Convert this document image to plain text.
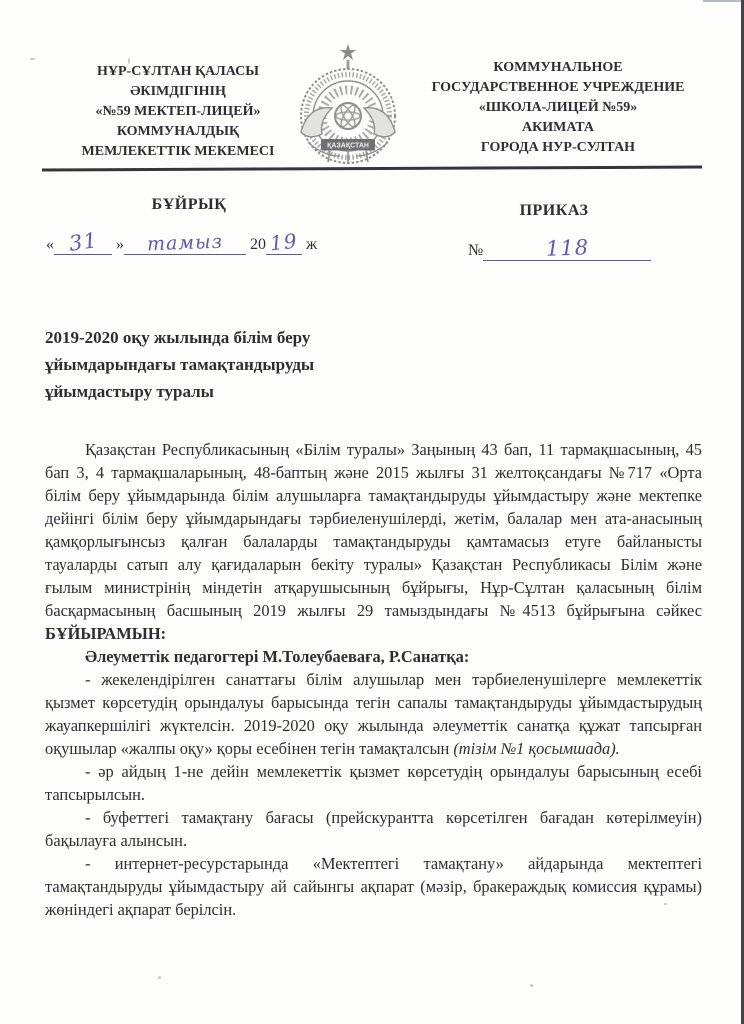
НҰР-СҰЛТАН ҚАЛАСЫ
ӘКІМДІГІНІҢ
«№59 МЕКТЕП-ЛИЦЕЙ»
КОММУНАЛДЫҚ
МЕМЛЕКЕТТІК МЕКЕМЕСІ	ҚАЗАҚСТАН
КОММУНАЛЬНОЕ
ГОСУДАРСТВЕННОЕ УЧРЕЖДЕНИЕ
«ШКОЛА-ЛИЦЕЙ №59»
АКИМАТА
ГОРОДА НУР-СУЛТАН
БҰЙРЫҚ	ПРИКАЗ
« 31 » тамыз 20 19 ж	№	118
2019-2020 оқу жылында білім беру
ұйымдарындағы тамақтандыруды
ұйымдастыру туралы

Қазақстан Республикасының «Білім туралы» Заңының 43 бап, 11 тармақшасының, 45 бап 3, 4 тармақшаларының, 48-баптың және 2015 жылғы 31 желтоқсандағы №717 «Орта білім беру ұйымдарында білім алушыларға тамақтандыруды ұйымдастыру және мектепке дейінгі білім беру ұйымдарындағы тәрбиеленушілерді, жетім, балалар мен ата-анасының қамқорлығынсыз қалған балаларды тамақтандыруды қамтамасыз етуге байланысты тауаларды сатып алу қағидаларын бекіту туралы» Қазақстан Республикасы Білім және ғылым министрінің міндетін атқарушысының бұйрығы, Нұр-Сұлтан қаласының білім басқармасының басшының 2019 жылғы 29 тамыздындағы №4513 бұйрығына сәйкес БҰЙЫРАМЫН:

Әлеуметтік педагогтері М.Толеубаеваға, Р.Санатқа:

- жекелендірілген санаттағы білім алушылар мен тәрбиеленушілерге мемлекеттік қызмет көрсетудің орындалуы барысында тегін сапалы тамақтандыруды ұйымдастырудың жауапкершілігі жүктелсін. 2019-2020 оқу жылында әлеуметтік санатқа құжат тапсырған оқушылар «жалпы оқу» қоры есебінен тегін тамақталсын (тізім №1 қосымшада).

- әр айдың 1-не дейін мемлекеттік қызмет көрсетудің орындалуы барысының есебі тапсырылсын.

- буфеттегі тамақтану бағасы (прейскурантта көрсетілген бағадан көтерілмеуін) бақылауға алынсын.

- интернет-ресурстарында «Мектептегі тамақтану» айдарында мектептегі тамақтандыруды ұйымдастыру ай сайынгы ақпарат (мәзір, бракераждық комиссия құрамы) жөніндегі ақпарат берілсін.
